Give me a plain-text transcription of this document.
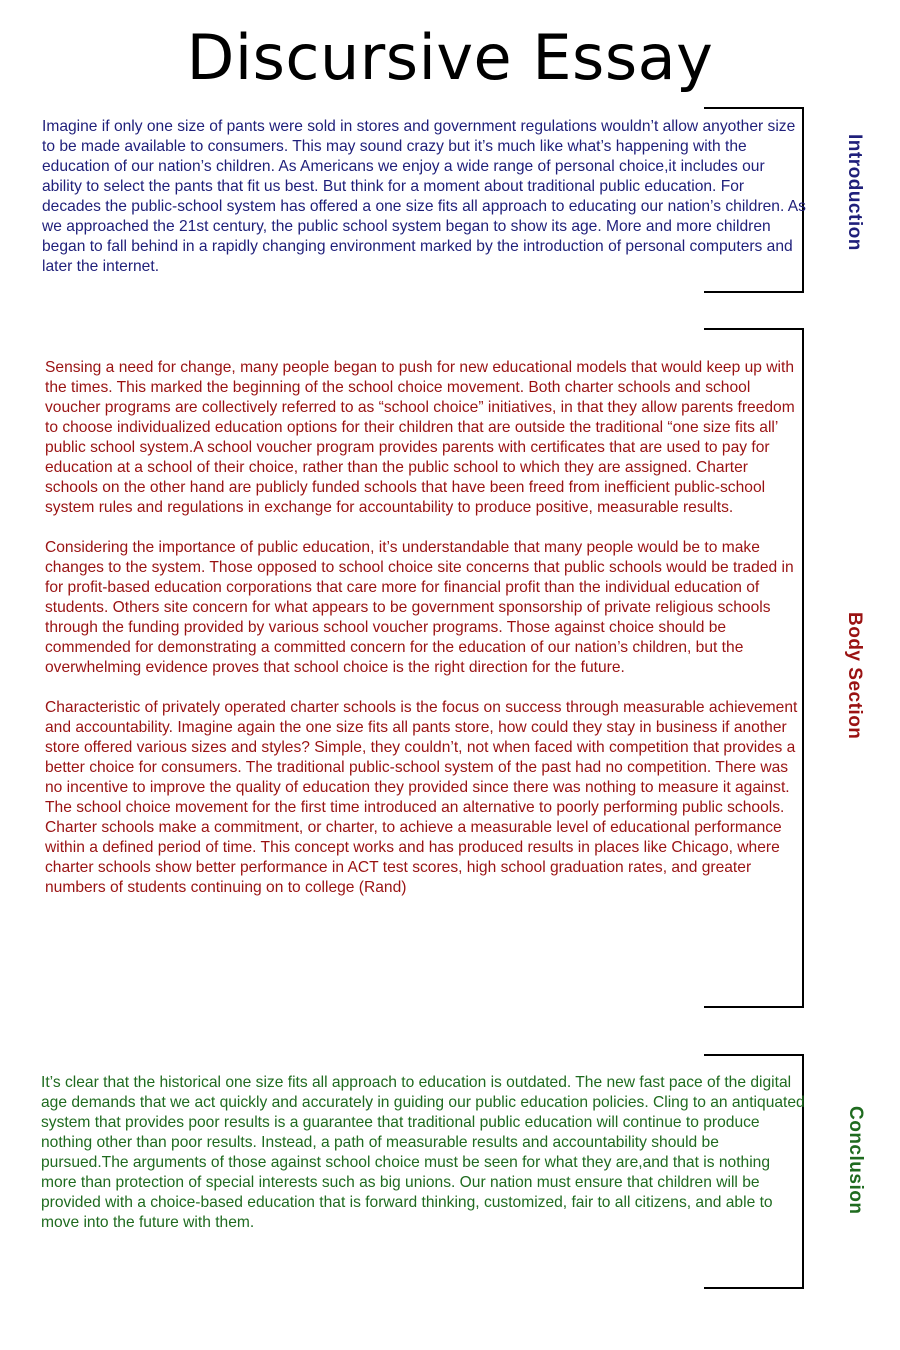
Discursive Essay
Imagine if only one size of pants were sold in stores and government regulations wouldn’t allow anyother size to be made available to consumers. This may sound crazy but it’s much like what’s happening with the education of our nation’s children. As Americans we enjoy a wide range of personal choice,it includes our ability to select the pants that fit us best. But think for a moment about traditional public education. For decades the public-school system has offered a one size fits all approach to educating our nation’s children. As we approached the 21st century, the public school system began to show its age. More and more children began to fall behind in a rapidly changing environment marked by the introduction of personal computers and later the internet.
Introduction

Sensing a need for change, many people began to push for new educational models that would keep up with the times. This marked the beginning of the school choice movement. Both charter schools and school voucher programs are collectively referred to as “school choice” initiatives, in that they allow parents freedom to choose individualized education options for their children that are outside the traditional “one size fits all’ public school system.A school voucher program provides parents with certificates that are used to pay for education at a school of their choice, rather than the public school to which they are assigned. Charter schools on the other hand are publicly funded schools that have been freed from inefficient public-school system rules and regulations in exchange for accountability to produce positive, measurable results.

Considering the importance of public education, it’s understandable that many people would be to make changes to the system. Those opposed to school choice site concerns that public schools would be traded in for profit-based education corporations that care more for financial profit than the individual education of students. Others site concern for what appears to be government sponsorship of private religious schools through the funding provided by various school voucher programs. Those against choice should be commended for demonstrating a committed concern for the education of our nation’s children, but the overwhelming evidence proves that school choice is the right direction for the future.

Characteristic of privately operated charter schools is the focus on success through measurable achievement and accountability. Imagine again the one size fits all pants store, how could they stay in business if another store offered various sizes and styles? Simple, they couldn’t, not when faced with competition that provides a better choice for consumers. The traditional public-school system of the past had no competition. There was no incentive to improve the quality of education they provided since there was nothing to measure it against. The school choice movement for the first time introduced an alternative to poorly performing public schools. Charter schools make a commitment, or charter, to achieve a measurable level of educational performance within a defined period of time. This concept works and has produced results in places like Chicago, where charter schools show better performance in ACT test scores, high school graduation rates, and greater numbers of students continuing on to college (Rand)

Body Section
It’s clear that the historical one size fits all approach to education is outdated. The new fast pace of the digital age demands that we act quickly and accurately in guiding our public education policies. Cling to an antiquated system that provides poor results is a guarantee that traditional public education will continue to produce nothing other than poor results. Instead, a path of measurable results and accountability should be pursued.The arguments of those against school choice must be seen for what they are,and that is nothing more than protection of special interests such as big unions. Our nation must ensure that children will be provided with a choice-based education that is forward thinking, customized, fair to all citizens, and able to move into the future with them.
Conclusion
